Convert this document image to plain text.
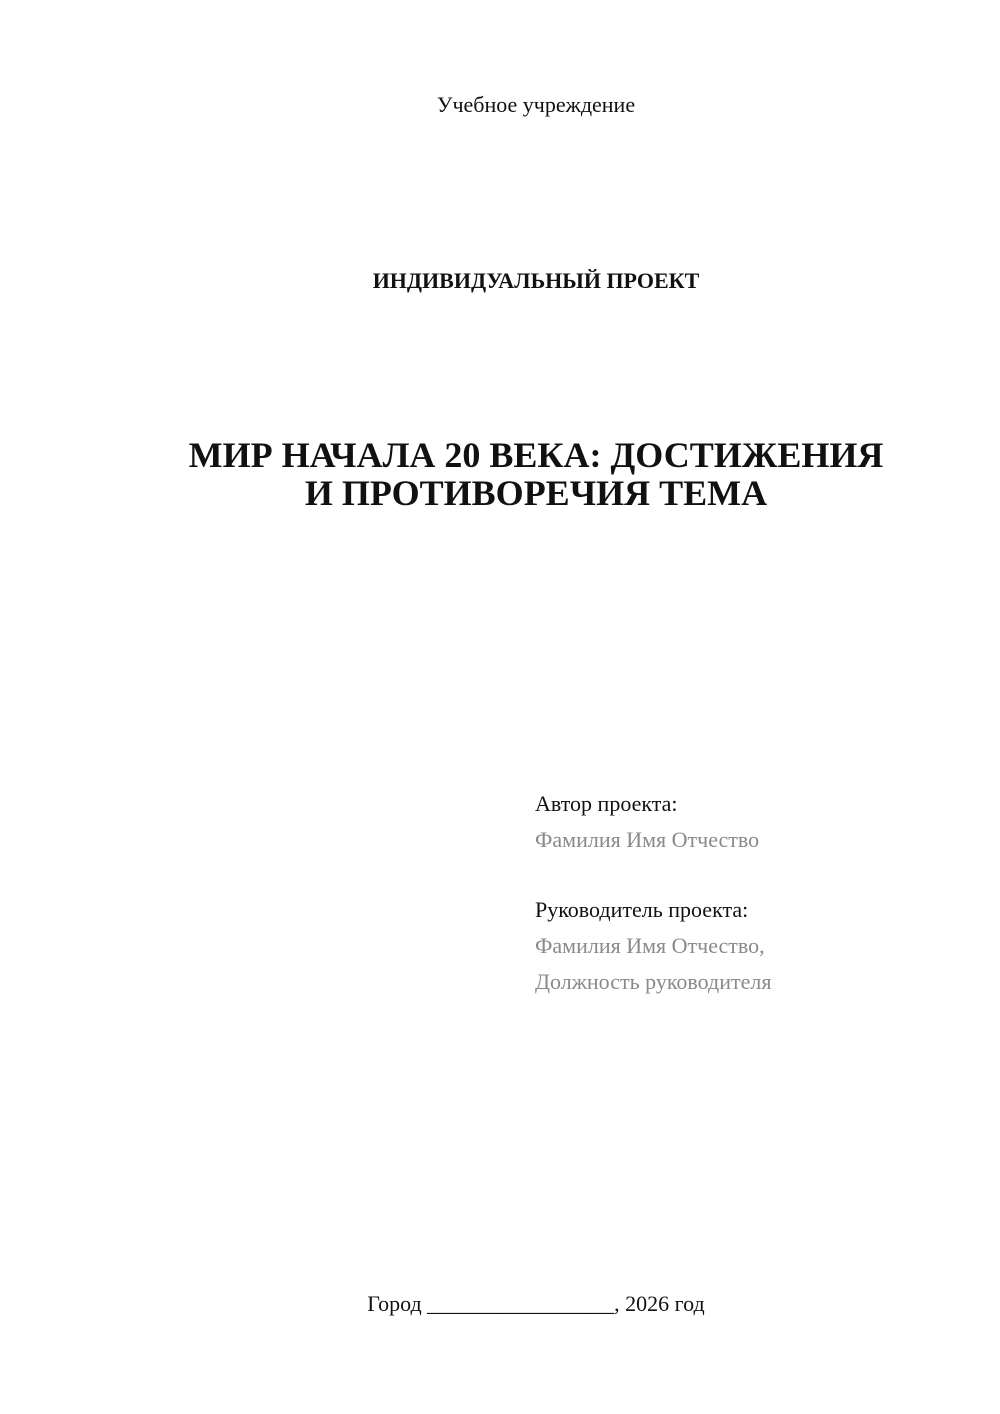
Учебное учреждение
ИНДИВИДУАЛЬНЫЙ ПРОЕКТ
МИР НАЧАЛА 20 ВЕКА: ДОСТИЖЕНИЯ
И ПРОТИВОРЕЧИЯ ТЕМА
Автор проекта:
Фамилия Имя Отчество
Руководитель проекта:
Фамилия Имя Отчество,
Должность руководителя
Город _________________, 2026 год
